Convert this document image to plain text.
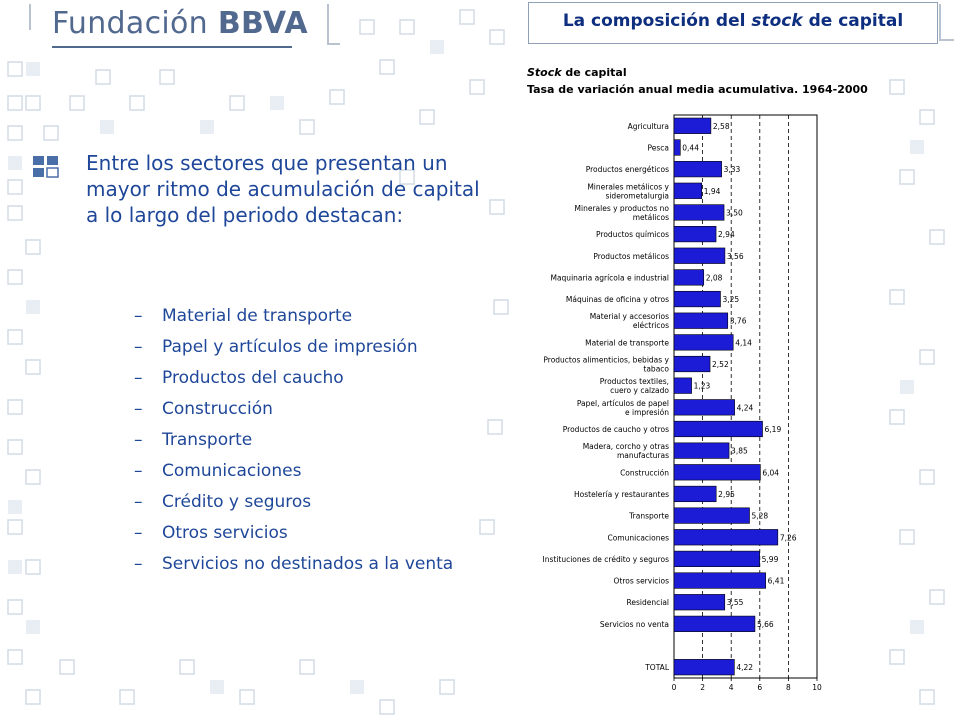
Fundación BBVA	La composición del stock de capital
Entre los sectores que presentan un mayor ritmo de acumulación de capital a lo largo del periodo destacan:
– Material de transporte
– Papel y artículos de impresión
– Productos del caucho
– Construcción
– Transporte
– Comunicaciones
– Crédito y seguros
– Otros servicios
– Servicios no destinados a la venta
Stock de capital
Tasa de variación anual media acumulativa. 1964-2000
2,58
Agricultura
0,44
Pesca
3,33
Productos energéticos
1,94
Minerales metálicos y siderometalurgia
3,50
Minerales y productos no metálicos
2,94
Productos químicos
3,56
Productos metálicos
2,08
Maquinaria agrícola e industrial
3,25
Máquinas de oficina y otros
3,76
Material y accesorios eléctricos
4,14
Material de transporte
2,52
Productos alimenticios, bebidas y tabaco
1,23
Productos textiles, cuero y calzado
4,24
Papel, artículos de papel e impresión
6,19
Productos de caucho y otros
3,85
Madera, corcho y otras manufacturas
6,04
Construcción
2,95
Hostelería y restaurantes
5,28
Transporte
7,26
Comunicaciones
5,99
Instituciones de crédito y seguros
6,41
Otros servicios
3,55
Residencial
5,66
Servicios no venta
4,22
TOTAL
0	2	4	6	8	10
